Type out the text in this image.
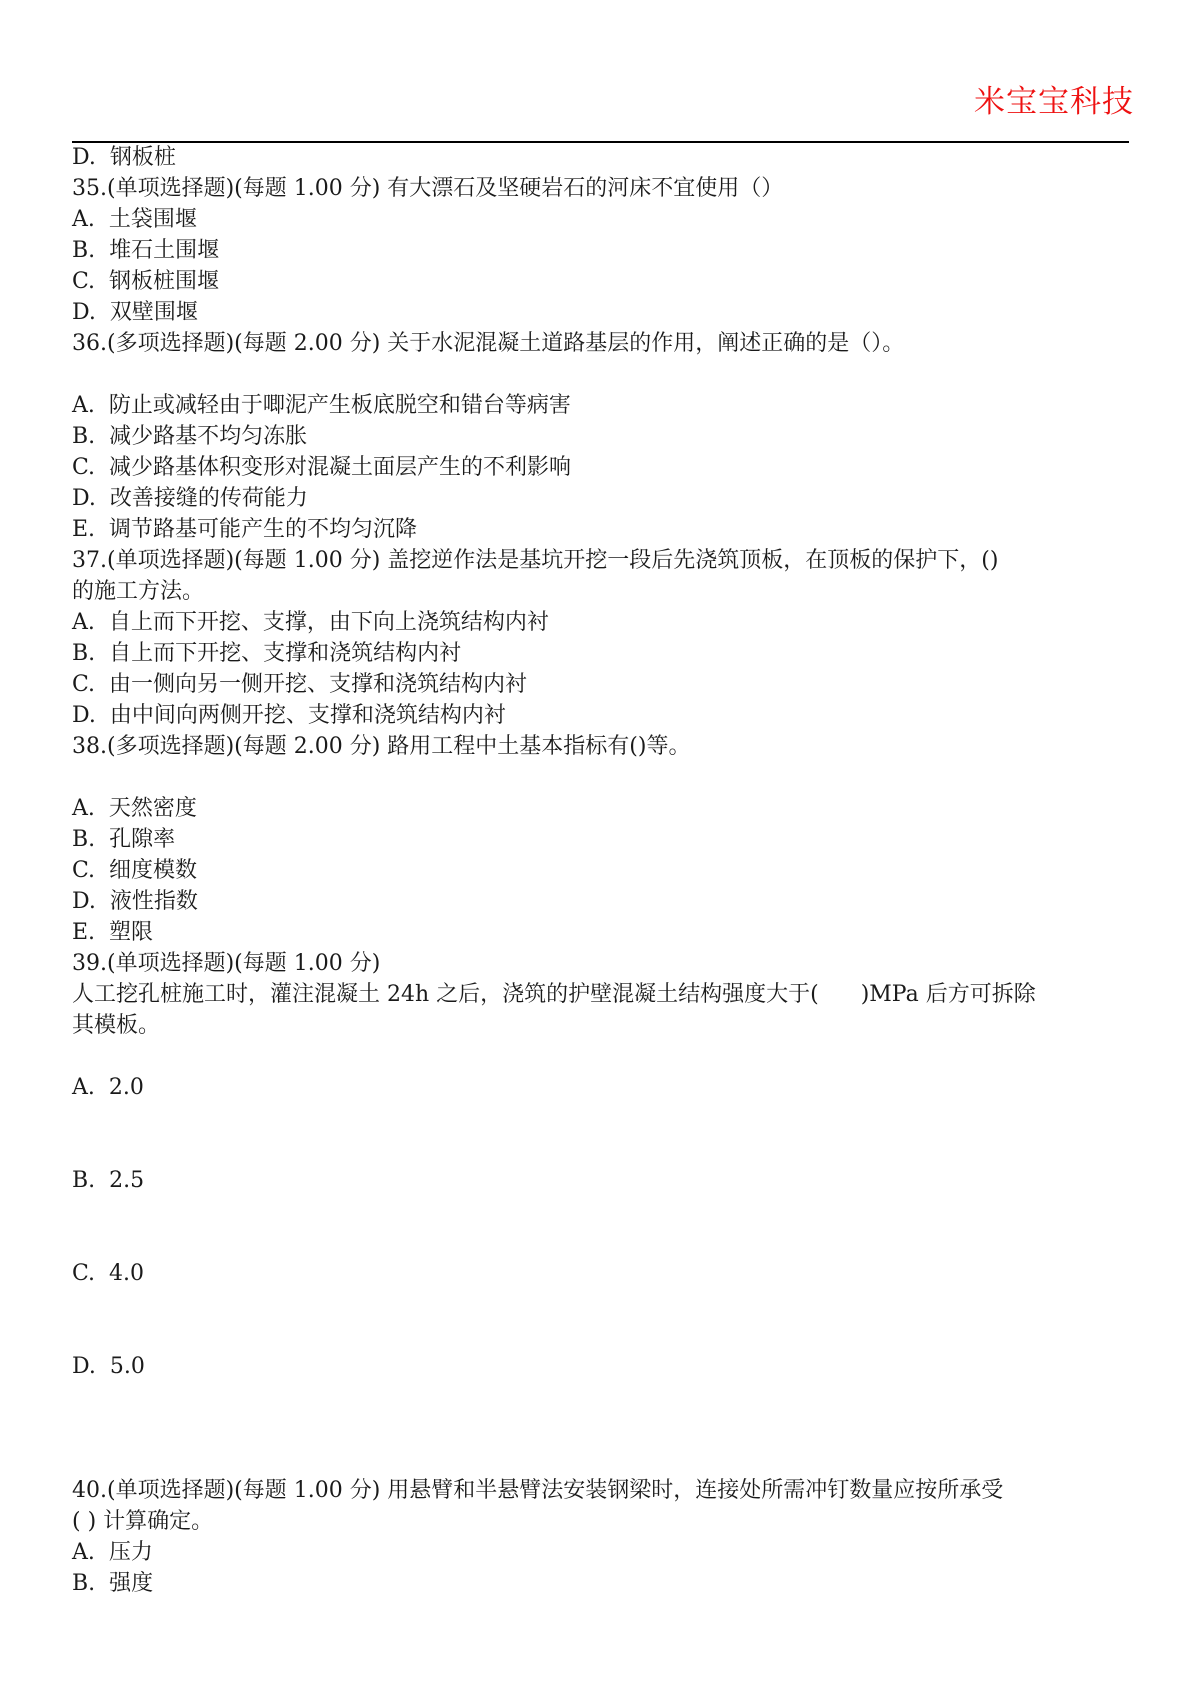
米宝宝科技
D.  钢板桩
35.(单项选择题)(每题 1.00 分) 有大漂石及坚硬岩石的河床不宜使用（）
A.  土袋围堰
B.  堆石土围堰
C.  钢板桩围堰
D.  双壁围堰
36.(多项选择题)(每题 2.00 分) 关于水泥混凝土道路基层的作用，阐述正确的是（）。
A.  防止或减轻由于唧泥产生板底脱空和错台等病害
B.  减少路基不均匀冻胀
C.  减少路基体积变形对混凝土面层产生的不利影响
D.  改善接缝的传荷能力
E.  调节路基可能产生的不均匀沉降
37.(单项选择题)(每题 1.00 分) 盖挖逆作法是基坑开挖一段后先浇筑顶板，在顶板的保护下，()
的施工方法。
A.  自上而下开挖、支撑，由下向上浇筑结构内衬
B.  自上而下开挖、支撑和浇筑结构内衬
C.  由一侧向另一侧开挖、支撑和浇筑结构内衬
D.  由中间向两侧开挖、支撑和浇筑结构内衬
38.(多项选择题)(每题 2.00 分) 路用工程中土基本指标有()等。
A.  天然密度
B.  孔隙率
C.  细度模数
D.  液性指数
E.  塑限
39.(单项选择题)(每题 1.00 分)
人工挖孔桩施工时，灌注混凝土 24h 之后，浇筑的护壁混凝土结构强度大于(      )MPa 后方可拆除
其模板。
A.  2.0
B.  2.5
C.  4.0
D.  5.0
40.(单项选择题)(每题 1.00 分) 用悬臂和半悬臂法安装钢梁时，连接处所需冲钉数量应按所承受
( ) 计算确定。
A.  压力
B.  强度
